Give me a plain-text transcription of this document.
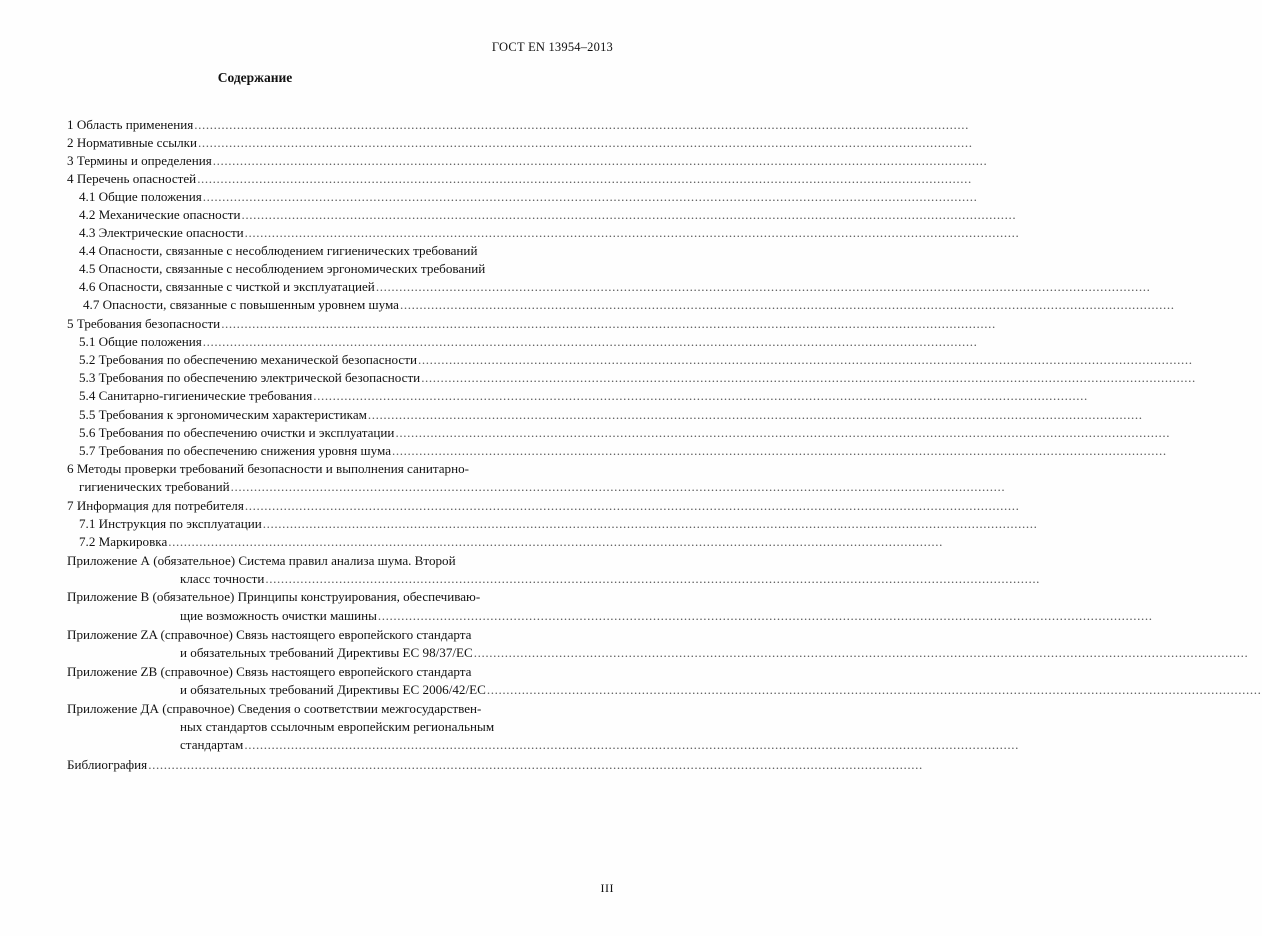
ГОСТ EN 13954–2013
Содержание
1 Область применения ........................................................................................................................................................................................................
2 Нормативные ссылки ........................................................................................................................................................................................................
3 Термины и определения ........................................................................................................................................................................................................
4 Перечень опасностей ........................................................................................................................................................................................................
4.1 Общие положения ........................................................................................................................................................................................................
4.2 Механические опасности ........................................................................................................................................................................................................
4.3 Электрические опасности ........................................................................................................................................................................................................
4.4 Опасности, связанные с несоблюдением гигиенических требований
4.5 Опасности, связанные с несоблюдением эргономических требований
4.6 Опасности, связанные с чисткой и эксплуатацией ........................................................................................................................................................................................................
4.7 Опасности, связанные с повышенным уровнем шума ........................................................................................................................................................................................................
5 Требования безопасности ........................................................................................................................................................................................................
5.1 Общие положения ........................................................................................................................................................................................................
5.2 Требования по обеспечению механической безопасности ........................................................................................................................................................................................................
5.3 Требования по обеспечению электрической безопасности ........................................................................................................................................................................................................
5.4 Санитарно-гигиенические требования ........................................................................................................................................................................................................
5.5 Требования к эргономическим характеристикам ........................................................................................................................................................................................................
5.6 Требования по обеспечению очистки и эксплуатации ........................................................................................................................................................................................................
5.7 Требования по обеспечению снижения уровня шума ........................................................................................................................................................................................................
6 Методы проверки требований безопасности и выполнения санитарно-
гигиенических требований ........................................................................................................................................................................................................
7 Информация для потребителя ........................................................................................................................................................................................................
7.1 Инструкция по эксплуатации ........................................................................................................................................................................................................
7.2 Маркировка ........................................................................................................................................................................................................
Приложение А (обязательное) Система правил анализа шума. Второй
класс точности ........................................................................................................................................................................................................
Приложение В (обязательное) Принципы конструирования, обеспечиваю-
щие возможность очистки машины ........................................................................................................................................................................................................
Приложение ZA (справочное) Связь настоящего европейского стандарта
и обязательных требований Директивы ЕС 98/37/ЕС ........................................................................................................................................................................................................
Приложение ZB (справочное) Связь настоящего европейского стандарта
и обязательных требований Директивы ЕС 2006/42/ЕС ........................................................................................................................................................................................................
Приложение ДА (справочное) Сведения о соответствии межгосударствен-
ных стандартов ссылочным европейским региональным
стандартам ........................................................................................................................................................................................................
Библиография ........................................................................................................................................................................................................
III
